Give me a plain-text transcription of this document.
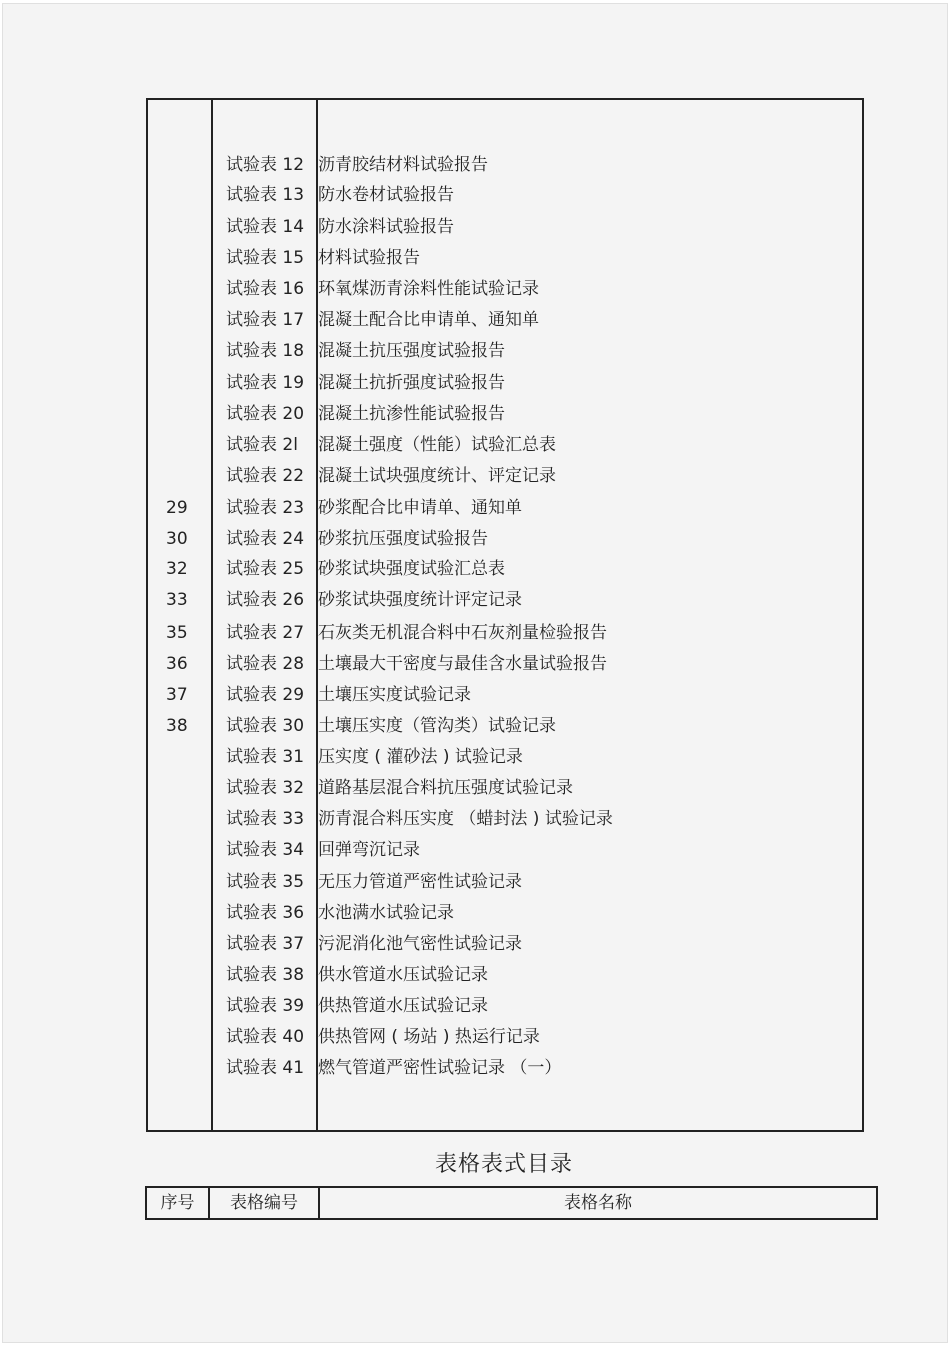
试验表 12 沥青胶结材料试验报告
试验表 13 防水卷材试验报告
试验表 14 防水涂料试验报告
试验表 15 材料试验报告
试验表 16 环氧煤沥青涂料性能试验记录
试验表 17 混凝土配合比申请单、通知单
试验表 18 混凝土抗压强度试验报告
试验表 19 混凝土抗折强度试验报告
试验表 20 混凝土抗渗性能试验报告
试验表 2l 混凝土强度（性能）试验汇总表
试验表 22 混凝土试块强度统计、评定记录
29 试验表 23 砂浆配合比申请单、通知单
30 试验表 24 砂浆抗压强度试验报告
32 试验表 25 砂浆试块强度试验汇总表
33 试验表 26 砂浆试块强度统计评定记录
35 试验表 27 石灰类无机混合料中石灰剂量检验报告
36 试验表 28 土壤最大干密度与最佳含水量试验报告
37 试验表 29 土壤压实度试验记录
38 试验表 30 土壤压实度（管沟类）试验记录
试验表 31 压实度 ( 灌砂法 ) 试验记录
试验表 32 道路基层混合料抗压强度试验记录
试验表 33 沥青混合料压实度 （蜡封法 ) 试验记录
试验表 34 回弹弯沉记录
试验表 35 无压力管道严密性试验记录
试验表 36 水池满水试验记录
试验表 37 污泥消化池气密性试验记录
试验表 38 供水管道水压试验记录
试验表 39 供热管道水压试验记录
试验表 40 供热管网 ( 场站 ) 热运行记录
试验表 41 燃气管道严密性试验记录 （一）
表格表式目录
序号	表格编号	表格名称
